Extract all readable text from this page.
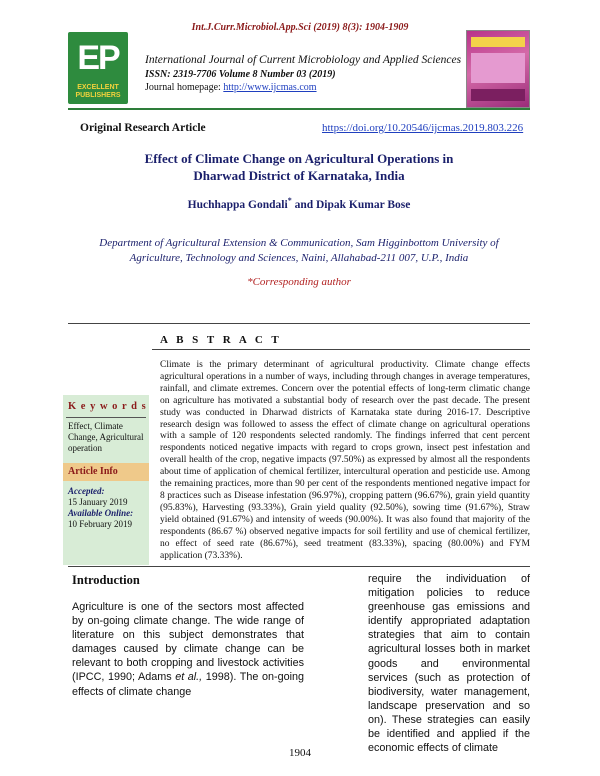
Int.J.Curr.Microbiol.App.Sci (2019) 8(3): 1904-1909
EP
EXCELLENT PUBLISHERS
International Journal of Current Microbiology and Applied Sciences
ISSN: 2319-7706 Volume 8 Number 03 (2019)
Journal homepage: http://www.ijcmas.com
Original Research Article	https://doi.org/10.20546/ijcmas.2019.803.226
Effect of Climate Change on Agricultural Operations in
Dharwad District of Karnataka, India
Huchhappa Gondali* and Dipak Kumar Bose
Department of Agricultural Extension & Communication, Sam Higginbottom University of Agriculture, Technology and Sciences, Naini, Allahabad-211 007, U.P., India
*Corresponding author
A B S T R A C T
K e y w o r d s
Effect, Climate Change, Agricultural operation
Article Info
Accepted:
15 January 2019
Available Online:
10 February 2019
Climate is the primary determinant of agricultural productivity. Climate change effects agricultural operations in a number of ways, including through changes in average temperatures, rainfall, and climate extremes. Concern over the potential effects of long-term climatic change on agriculture has motivated a substantial body of research over the past decade. The present study was conducted in Dharwad districts of Karnataka state during 2016-17. Descriptive research design was followed to assess the effect of climate change on agricultural operations with a sample of 120 respondents selected randomly. The findings inferred that cent percent respondents noticed negative impacts with regard to crops grown, insect pest infestation and overall health of the crop, negative impacts (97.50%) as expressed by almost all the respondents about time of application of chemical fertilizer, intercultural operation and pesticide use. Among the remaining practices, more than 90 per cent of the respondents mentioned negative impact for 8 practices such as Disease infestation (96.97%), cropping pattern (96.67%), grain yield quantity (95.83%), Harvesting (93.33%), Grain yield quality (92.50%), sowing time (91.67%), Straw yield obtained (91.67%) and intensity of weeds (90.00%). It was also found that majority of the respondents (86.67 %) observed negative impacts for soil fertility and use of chemical fertilizer, no effect of seed rate (86.67%), seed treatment (83.33%), spacing (80.00%) and FYM application (73.33%).
Introduction
Agriculture is one of the sectors most affected by on-going climate change. The wide range of literature on this subject demonstrates that damages caused by climate change can be relevant to both cropping and livestock activities (IPCC, 1990; Adams et al., 1998). The on-going effects of climate change
require the individuation of mitigation policies to reduce greenhouse gas emissions and identify appropriated adaptation strategies that aim to contain agricultural losses both in market goods and environmental services (such as protection of biodiversity, water management, landscape preservation and so on). These strategies can easily be identified and applied if the economic effects of climate
1904
